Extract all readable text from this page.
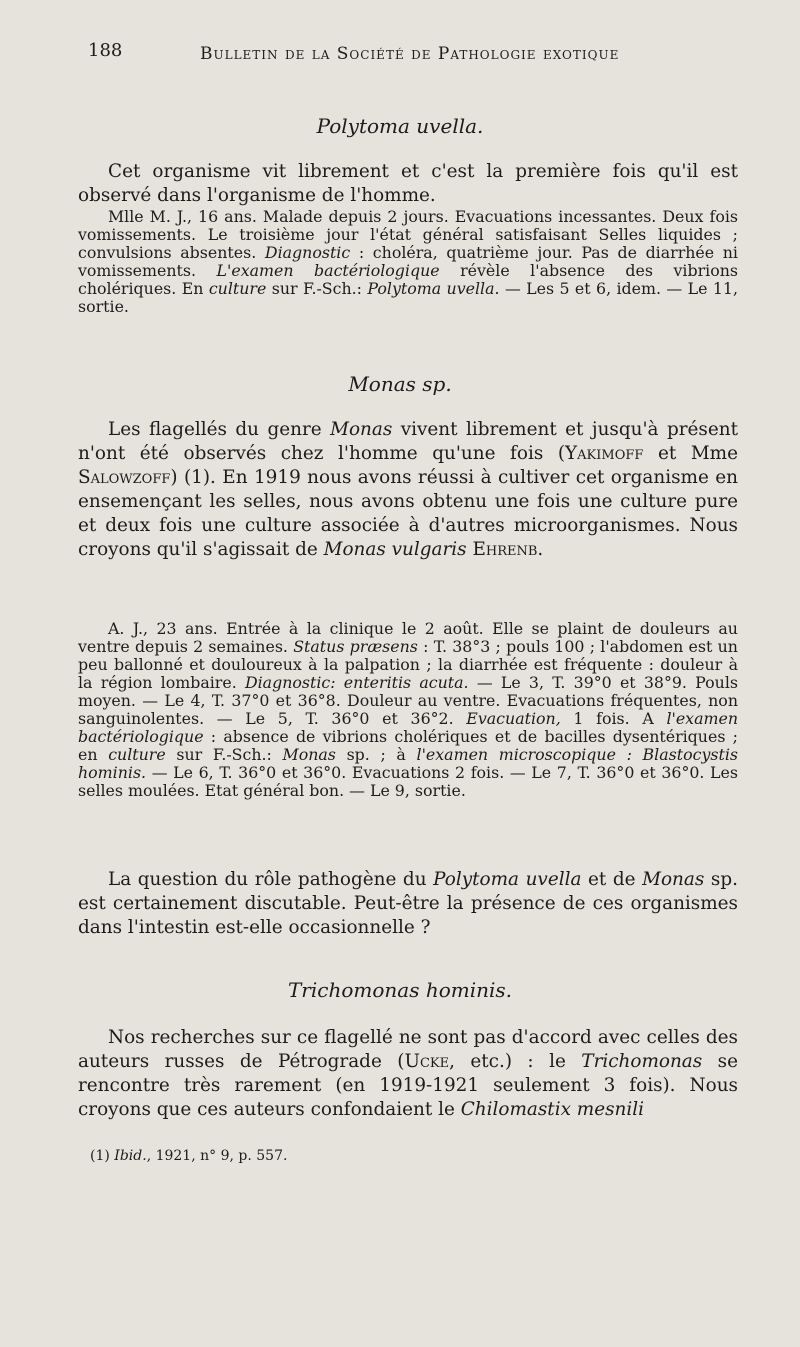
188	Bulletin de la Société de Pathologie exotique
Polytoma uvella.

Cet organisme vit librement et c'est la première fois qu'il est observé dans l'organisme de l'homme.

Mlle M. J., 16 ans. Malade depuis 2 jours. Evacuations incessantes. Deux fois vomissements. Le troisième jour l'état général satisfaisant Selles liquides ; convulsions absentes. Diagnostic : choléra, quatrième jour. Pas de diarrhée ni vomissements. L'examen bactériologique révèle l'absence des vibrions cholériques. En culture sur F.-Sch.: Polytoma uvella. — Les 5 et 6, idem. — Le 11, sortie.
Monas sp.
Les flagellés du genre Monas vivent librement et jusqu'à présent n'ont été observés chez l'homme qu'une fois (Yakimoff et Mme Salowzoff) (1). En 1919 nous avons réussi à cultiver cet organisme en ensemençant les selles, nous avons obtenu une fois une culture pure et deux fois une culture associée à d'autres microorganismes. Nous croyons qu'il s'agissait de Monas vulgaris Ehrenb.
A. J., 23 ans. Entrée à la clinique le 2 août. Elle se plaint de douleurs au ventre depuis 2 semaines. Status præsens : T. 38°3 ; pouls 100 ; l'abdomen est un peu ballonné et douloureux à la palpation ; la diarrhée est fréquente : douleur à la région lombaire. Diagnostic: enteritis acuta. — Le 3, T. 39°0 et 38°9. Pouls moyen. — Le 4, T. 37°0 et 36°8. Douleur au ventre. Evacuations fréquentes, non sanguinolentes. — Le 5, T. 36°0 et 36°2. Evacuation, 1 fois. A l'examen bactériologique : absence de vibrions cholériques et de bacilles dysentériques ; en culture sur F.-Sch.: Monas sp. ; à l'examen microscopique : Blastocystis hominis. — Le 6, T. 36°0 et 36°0. Evacuations 2 fois. — Le 7, T. 36°0 et 36°0. Les selles moulées. Etat général bon. — Le 9, sortie.
La question du rôle pathogène du Polytoma uvella et de Monas sp. est certainement discutable. Peut-être la présence de ces organismes dans l'intestin est-elle occasionnelle ?
Trichomonas hominis.
Nos recherches sur ce flagellé ne sont pas d'accord avec celles des auteurs russes de Pétrograde (Ucke, etc.) : le Trichomonas se rencontre très rarement (en 1919-1921 seulement 3 fois). Nous croyons que ces auteurs confondaient le Chilomastix mesnili
(1) Ibid., 1921, n° 9, p. 557.
